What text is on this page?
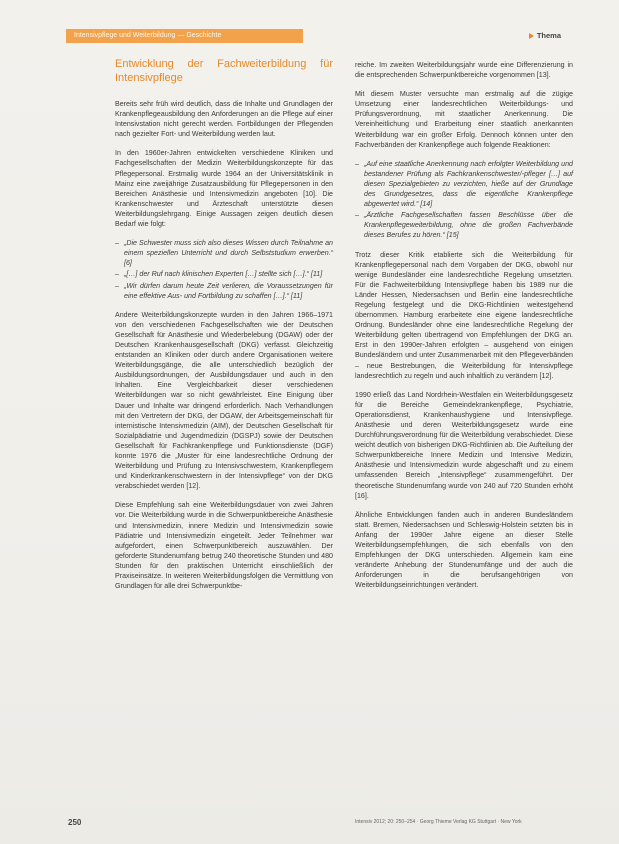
Intensivpflege und Weiterbildung — Geschichte	Thema
Entwicklung der Fachweiterbildung für Intensivpflege

Bereits sehr früh wird deutlich, dass die Inhalte und Grundlagen der Krankenpflegeausbildung den Anforderungen an die Pflege auf einer Intensivstation nicht gerecht werden. Fortbildungen der Pflegenden nach gezielter Fort- und Weiterbildung werden laut.

In den 1960er-Jahren entwickelten verschiedene Kliniken und Fachgesellschaften der Medizin Weiterbildungskonzepte für das Pflegepersonal. Erstmalig wurde 1964 an der Universitätsklinik in Mainz eine zweijährige Zusatzausbildung für Pflegepersonen in den Bereichen Anästhesie und Intensivmedizin angeboten [10]. Die Krankenschwester und Ärzteschaft unterstützte diesen Weiterbildungslehrgang. Einige Aussagen zeigen deutlich diesen Bedarf wie folgt:

– „Die Schwester muss sich also dieses Wissen durch Teilnahme an einem speziellen Unterricht und durch Selbststudium erwerben.“ [6]
– „[…] der Ruf nach klinischen Experten […] stellte sich […].“ [11]
– „Wir dürfen darum heute Zeit verlieren, die Voraussetzungen für eine effektive Aus- und Fortbildung zu schaffen […].“ [11]

Andere Weiterbildungskonzepte wurden in den Jahren 1966–1971 von den verschiedenen Fachgesellschaften wie der Deutschen Gesellschaft für Anästhesie und Wiederbelebung (DGAW) oder der Deutschen Krankenhausgesellschaft (DKG) verfasst. Gleichzeitig entstanden an Kliniken oder durch andere Organisationen weitere Weiterbildungsgänge, die alle unterschiedlich bezüglich der Ausbildungsordnungen, der Ausbildungsdauer und auch in den Inhalten. Eine Vergleichbarkeit dieser verschiedenen Weiterbildungen war so nicht gewährleistet. Eine Einigung über Dauer und Inhalte war dringend erforderlich. Nach Verhandlungen mit den Vertretern der DKG, der DGAW, der Arbeitsgemeinschaft für internistische Intensivmedizin (AIM), der Deutschen Gesellschaft für Sozialpädiatrie und Jugendmedizin (DGSPJ) sowie der Deutschen Gesellschaft für Fachkrankenpflege und Funktionsdienste (DGF) konnte 1976 die „Muster für eine landesrechtliche Ordnung der Weiterbildung und Prüfung zu Intensivschwestern, Krankenpflegern und Kinderkrankenschwestern in der Intensivpflege“ von der DKG verabschiedet werden [12].

Diese Empfehlung sah eine Weiterbildungsdauer von zwei Jahren vor. Die Weiterbildung wurde in die Schwerpunktbereiche Anästhesie und Intensivmedizin, innere Medizin und Intensivmedizin sowie Pädiatrie und Intensivmedizin eingeteilt. Jeder Teilnehmer war aufgefordert, einen Schwerpunktbereich auszuwählen. Der geforderte Stundenumfang betrug 240 theoretische Stunden und 480 Stunden für den praktischen Unterricht einschließlich der Praxiseinsätze. In weiteren Weiterbildungsfolgen die Vermittlung von Grundlagen für alle drei Schwerpunktbe-

reiche. Im zweiten Weiterbildungsjahr wurde eine Differenzierung in die entsprechenden Schwerpunktbereiche vorgenommen [13].

Mit diesem Muster versuchte man erstmalig auf die zügige Umsetzung einer landesrechtlichen Weiterbildungs- und Prüfungsverordnung, mit staatlicher Anerkennung. Die Vereinheitlichung und Erarbeitung einer staatlich anerkannten Weiterbildung war ein großer Erfolg. Dennoch können unter den Fachverbänden der Krankenpflege auch folgende Reaktionen:

– „Auf eine staatliche Anerkennung nach erfolgter Weiterbildung und bestandener Prüfung als Fachkrankenschwester/-pfleger […] auf diesen Spezialgebieten zu verzichten, hieße auf der Grundlage des Grundgesetzes, dass die eigentliche Krankenpflege abgewertet wird.“ [14]
– „Ärztliche Fachgesellschaften fassen Beschlüsse über die Krankenpflegeweiterbildung, ohne die großen Fachverbände dieses Berufes zu hören.“ [15]

Trotz dieser Kritik etablierte sich die Weiterbildung für Krankenpflegepersonal nach dem Vorgaben der DKG, obwohl nur wenige Bundesländer eine landesrechtliche Regelung umsetzten. Für die Fachweiterbildung Intensivpflege haben bis 1989 nur die Länder Hessen, Niedersachsen und Berlin eine landesrechtliche Regelung festgelegt und die DKG-Richtlinien weitestgehend übernommen. Hamburg erarbeitete eine eigene landesrechtliche Ordnung. Bundesländer ohne eine landesrechtliche Regelung der Weiterbildung gelten übertragend von Empfehlungen der DKG an. Erst in den 1990er-Jahren erfolgten – ausgehend von einigen Bundesländern und unter Zusammenarbeit mit den Pflegeverbänden – neue Bestrebungen, die Weiterbildung für Intensivpflege landesrechtlich zu regeln und auch inhaltlich zu verändern [12].

1990 erließ das Land Nordrhein-Westfalen ein Weiterbildungsgesetz für die Bereiche Gemeindekrankenpflege, Psychiatrie, Operationsdienst, Krankenhaushygiene und Intensivpflege. Anästhesie und deren Weiterbildungsgesetz wurde eine Durchführungsverordnung für die Weiterbildung verabschiedet. Diese weicht deutlich von bisherigen DKG-Richtlinien ab. Die Aufteilung der Schwerpunktbereiche Innere Medizin und Intensive Medizin, Anästhesie und Intensivmedizin wurde abgeschafft und zu einem umfassenden Bereich „Intensivpflege“ zusammengeführt. Der theoretische Stundenumfang wurde von 240 auf 720 Stunden erhöht [16].

Ähnliche Entwicklungen fanden auch in anderen Bundesländern statt. Bremen, Niedersachsen und Schleswig-Holstein setzten bis in Anfang der 1990er Jahre eigene an dieser Stelle Weiterbildungsempfehlungen, die sich ebenfalls von den Empfehlungen der DKG unterschieden. Allgemein kam eine veränderte Anhebung der Stundenumfänge und der auch die Anforderungen in die berufsangehörigen von Weiterbildungseinrichtungen verändert.

250	Intensiv 2012; 20: 250–254 · Georg Thieme Verlag KG Stuttgart · New York
